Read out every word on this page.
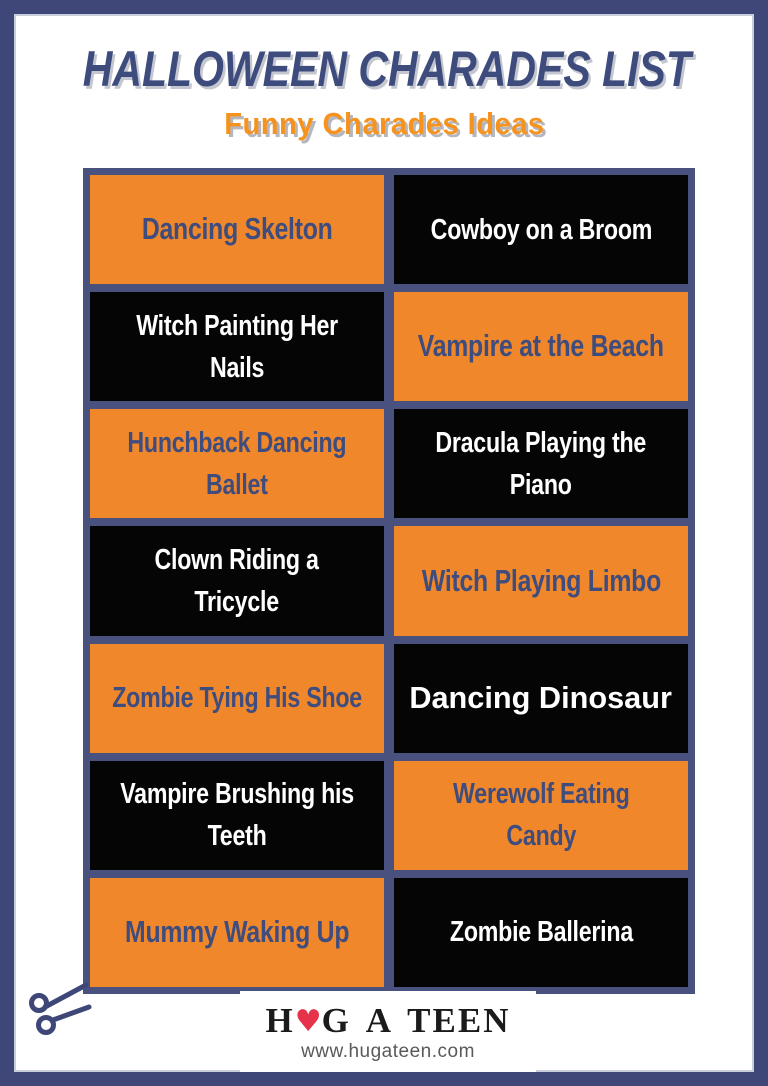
HALLOWEEN CHARADES LIST
Funny Charades Ideas
Dancing Skelton	Cowboy on a Broom
Witch Painting Her
Nails
Vampire at the Beach
Hunchback Dancing
Ballet
Dracula Playing the
Piano
Clown Riding a
Tricycle
Witch Playing Limbo
Zombie Tying His Shoe Dancing Dinosaur
Vampire Brushing his
Teeth
Werewolf Eating
Candy
Mummy Waking Up	Zombie Ballerina
H♥G A TEEN
www.hugateen.com
